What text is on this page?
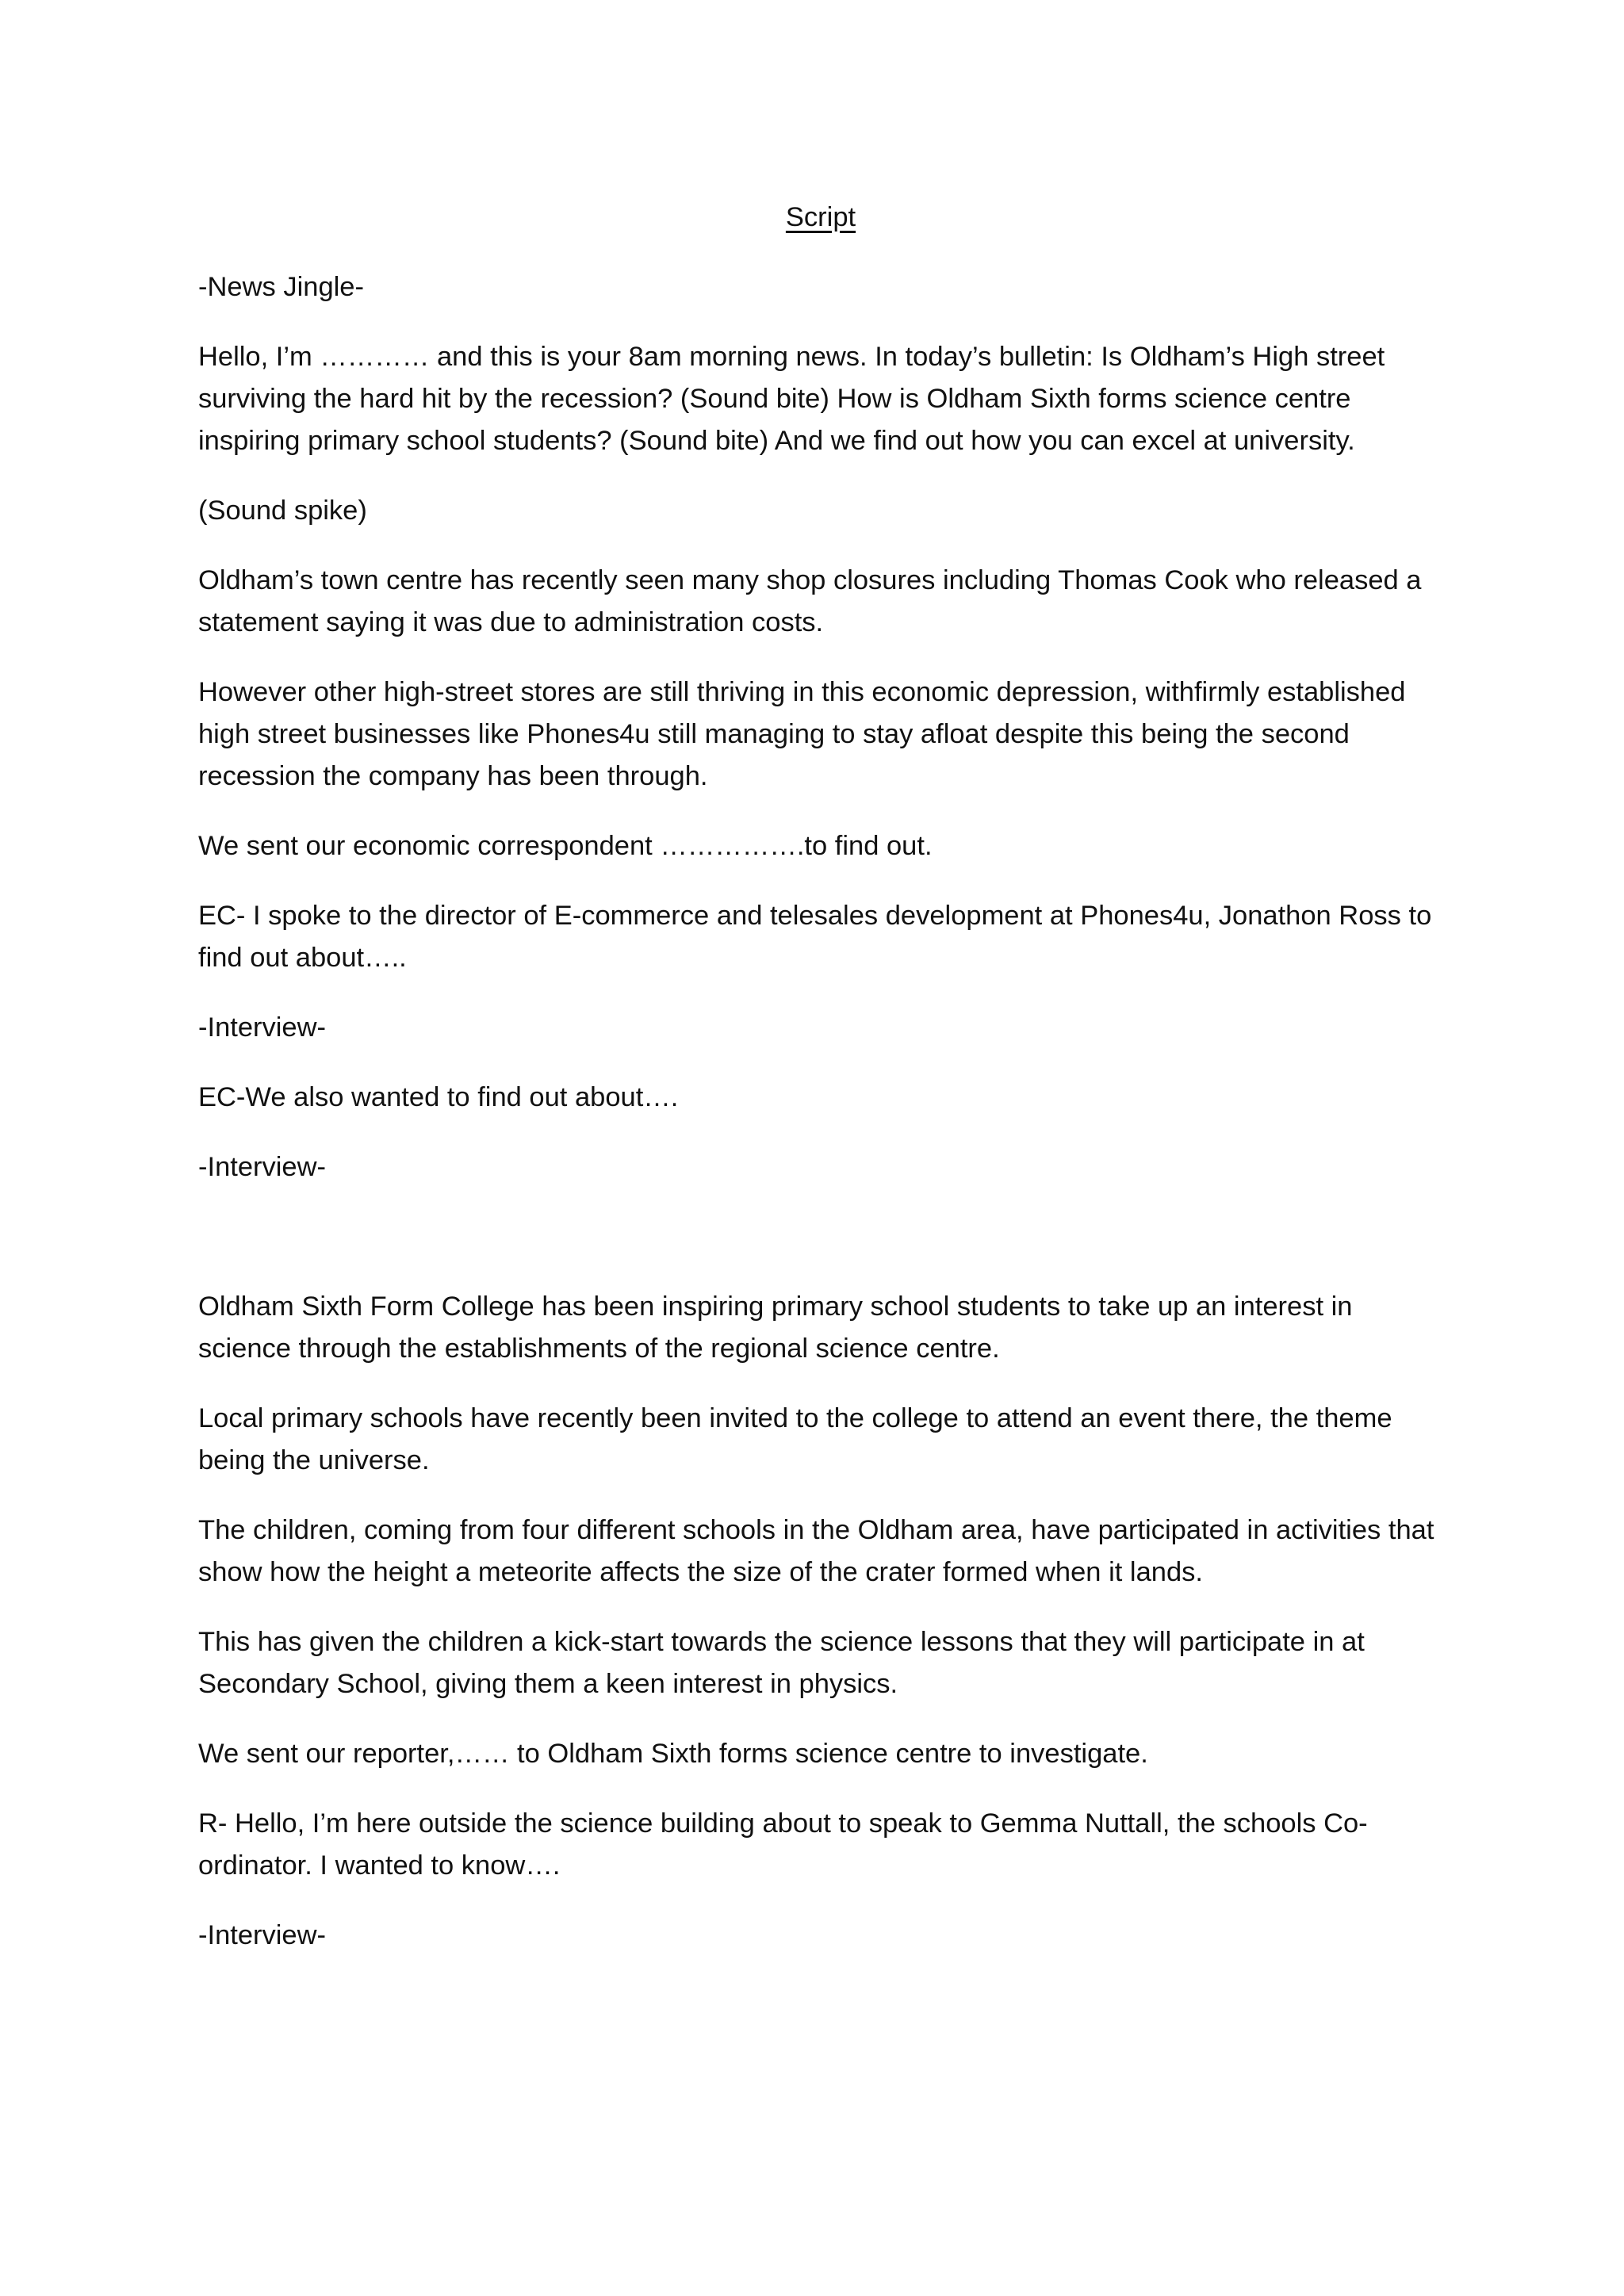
Script

-News Jingle-

Hello, I’m ………… and this is your 8am morning news. In today’s bulletin: Is Oldham’s High street surviving the hard hit by the recession? (Sound bite) How is Oldham Sixth forms science centre inspiring primary school students? (Sound bite) And we find out how you can excel at university.

(Sound spike)

Oldham’s town centre has recently seen many shop closures including Thomas Cook who released a statement saying it was due to administration costs.

However other high-street stores are still thriving in this economic depression, withfirmly established high street businesses like Phones4u still managing to stay afloat despite this being the second recession the company has been through.

We sent our economic correspondent …………….to find out.

EC- I spoke to the director of E-commerce and telesales development at Phones4u, Jonathon Ross to find out about…..

-Interview-

EC-We also wanted to find out about….

-Interview-

Oldham Sixth Form College has been inspiring primary school students to take up an interest in science through the establishments of the regional science centre.

Local primary schools have recently been invited to the college to attend an event there, the theme being the universe.

The children, coming from four different schools in the Oldham area, have participated in activities that show how the height a meteorite affects the size of the crater formed when it lands.

This has given the children a kick-start towards the science lessons that they will participate in at Secondary School, giving them a keen interest in physics.

We sent our reporter,…… to Oldham Sixth forms science centre to investigate.

R- Hello, I’m here outside the science building about to speak to Gemma Nuttall, the schools Co-ordinator. I wanted to know….

-Interview-
